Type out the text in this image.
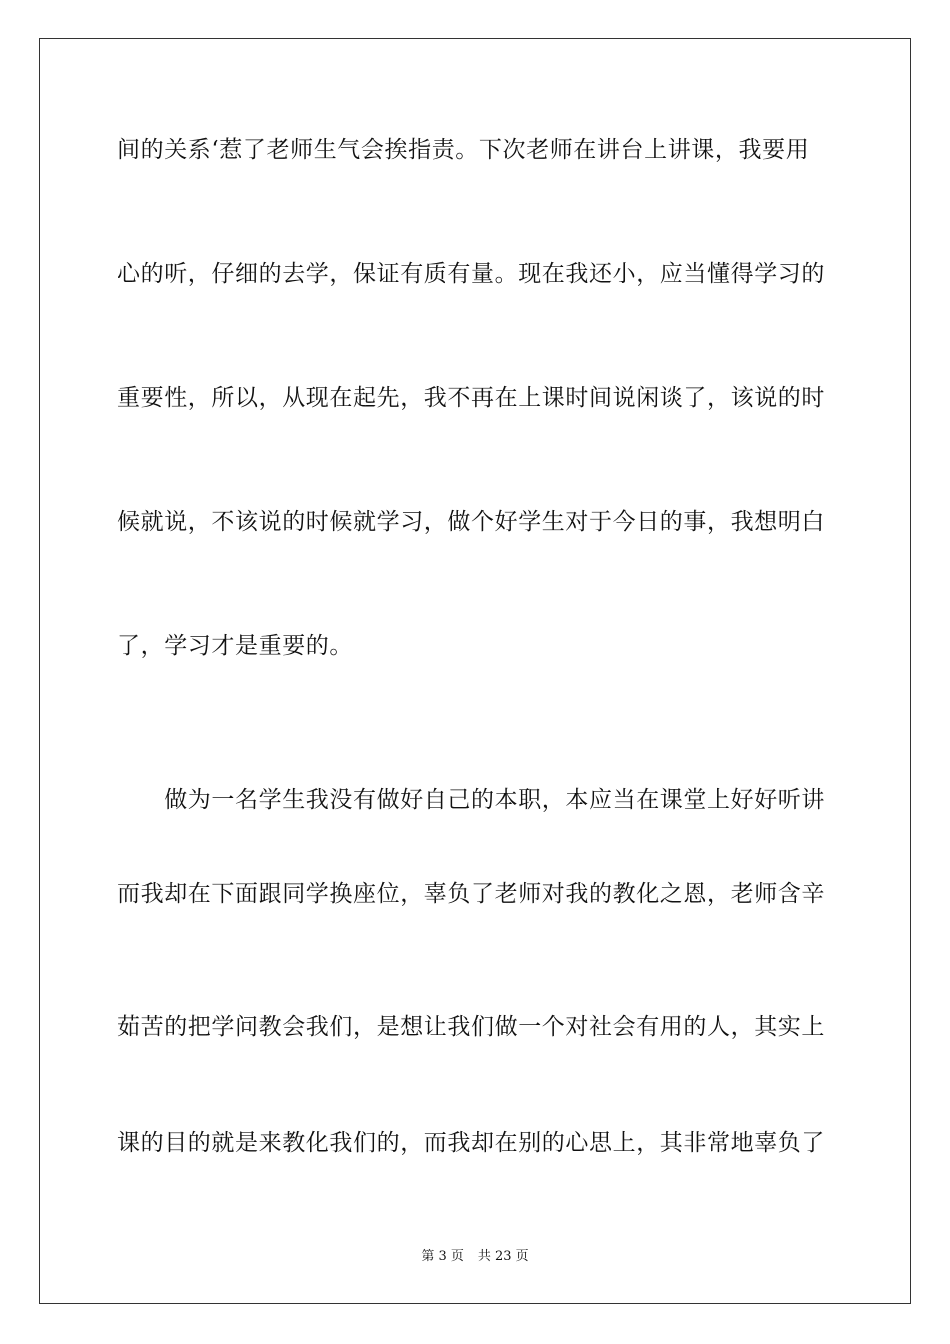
间的关系‘惹了老师生气会挨指责。下次老师在讲台上讲课，我要用
心的听，仔细的去学，保证有质有量。现在我还小，应当懂得学习的
重要性，所以，从现在起先，我不再在上课时间说闲谈了，该说的时
候就说，不该说的时候就学习，做个好学生对于今日的事，我想明白
了，学习才是重要的。
　　做为一名学生我没有做好自己的本职，本应当在课堂上好好听讲
而我却在下面跟同学换座位，辜负了老师对我的教化之恩，老师含辛
茹苦的把学问教会我们，是想让我们做一个对社会有用的人，其实上
课的目的就是来教化我们的，而我却在别的心思上，其非常地辜负了
第 3 页 共 23 页
